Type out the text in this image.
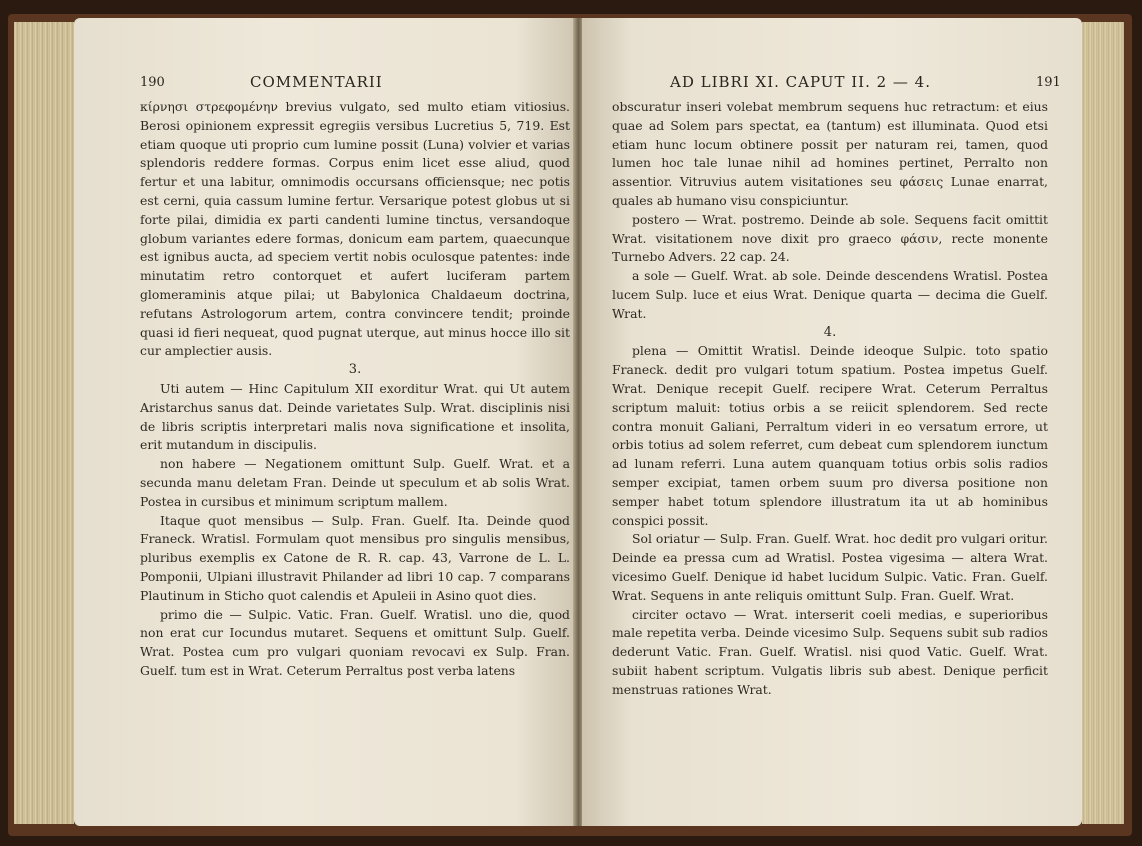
190	COMMENTARII

κίρνησι στρεφομένην brevius vulgato, sed multo etiam vitiosius. Berosi opinionem expressit egregiis versibus Lucretius 5, 719. Est etiam quoque uti proprio cum lumine possit (Luna) volvier et varias splendoris reddere formas. Corpus enim licet esse aliud, quod fertur et una labitur, omnimodis occursans officiensque; nec potis est cerni, quia cassum lumine fertur. Versarique potest globus ut si forte pilai, dimidia ex parti candenti lumine tinctus, versandoque globum variantes edere formas, donicum eam partem, quaecunque est ignibus aucta, ad speciem vertit nobis oculosque patentes: inde minutatim retro contorquet et aufert luciferam partem glomeraminis atque pilai; ut Babylonica Chaldaeum doctrina, refutans Astrologorum artem, contra convincere tendit; proinde quasi id fieri nequeat, quod pugnat uterque, aut minus hocce illo sit cur amplectier ausis.

3.

Uti autem — Hinc Capitulum XII exorditur Wrat. qui Ut autem Aristarchus sanus dat. Deinde varietates Sulp. Wrat. disciplinis nisi de libris scriptis interpretari malis nova significatione et insolita, erit mutandum in discipulis.

non habere — Negationem omittunt Sulp. Guelf. Wrat. et a secunda manu deletam Fran. Deinde ut speculum et ab solis Wrat. Postea in cursibus et minimum scriptum mallem.

Itaque quot mensibus — Sulp. Fran. Guelf. Ita. Deinde quod Franeck. Wratisl. Formulam quot mensibus pro singulis mensibus, pluribus exemplis ex Catone de R. R. cap. 43, Varrone de L. L. Pomponii, Ulpiani illustravit Philander ad libri 10 cap. 7 comparans Plautinum in Sticho quot calendis et Apuleii in Asino quot dies.

primo die — Sulpic. Vatic. Fran. Guelf. Wratisl. uno die, quod non erat cur Iocundus mutaret. Sequens et omittunt Sulp. Guelf. Wrat. Postea cum pro vulgari quoniam revocavi ex Sulp. Fran. Guelf. tum est in Wrat. Ceterum Perraltus post verba latens

AD LIBRI XI. CAPUT II. 2 — 4.	191

obscuratur inseri volebat membrum sequens huc retractum: et eius quae ad Solem pars spectat, ea (tantum) est illuminata. Quod etsi etiam hunc locum obtinere possit per naturam rei, tamen, quod lumen hoc tale lunae nihil ad homines pertinet, Perralto non assentior. Vitruvius autem visitationes seu φάσεις Lunae enarrat, quales ab humano visu conspiciuntur.

postero — Wrat. postremo. Deinde ab sole. Sequens facit omittit Wrat. visitationem nove dixit pro graeco φάσιν, recte monente Turnebo Advers. 22 cap. 24.

a sole — Guelf. Wrat. ab sole. Deinde descendens Wratisl. Postea lucem Sulp. luce et eius Wrat. Denique quarta — decima die Guelf. Wrat.

4.

plena — Omittit Wratisl. Deinde ideoque Sulpic. toto spatio Franeck. dedit pro vulgari totum spatium. Postea impetus Guelf. Wrat. Denique recepit Guelf. recipere Wrat. Ceterum Perraltus scriptum maluit: totius orbis a se reiicit splendorem. Sed recte contra monuit Galiani, Perraltum videri in eo versatum errore, ut orbis totius ad solem referret, cum debeat cum splendorem iunctum ad lunam referri. Luna autem quanquam totius orbis solis radios semper excipiat, tamen orbem suum pro diversa positione non semper habet totum splendore illustratum ita ut ab hominibus conspici possit.

Sol oriatur — Sulp. Fran. Guelf. Wrat. hoc dedit pro vulgari oritur. Deinde ea pressa cum ad Wratisl. Postea vigesima — altera Wrat. vicesimo Guelf. Denique id habet lucidum Sulpic. Vatic. Fran. Guelf. Wrat. Sequens in ante reliquis omittunt Sulp. Fran. Guelf. Wrat.

circiter octavo — Wrat. interserit coeli medias, e superioribus male repetita verba. Deinde vicesimo Sulp. Sequens subit sub radios dederunt Vatic. Fran. Guelf. Wratisl. nisi quod Vatic. Guelf. Wrat. subiit habent scriptum. Vulgatis libris sub abest. Denique perficit menstruas rationes Wrat.
